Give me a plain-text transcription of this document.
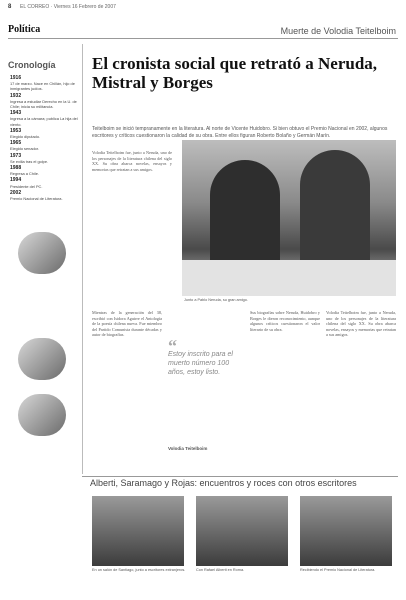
8 EL CORREO · Viernes 16 Febrero de 2007
Política	Muerte de Volodia Teitelboim
Cronología
1916
17 de marzo. Nace en Chillán, hijo de inmigrantes judíos.
1932
Ingresa a estudiar Derecho en la U. de Chile; inicia su militancia.
1943
Ingresa a la cámara; publica La hija del viento.
1953
Elegido diputado.
1965
Elegido senador.
1973
Se exilia tras el golpe.
1988
Regresa a Chile.
1994
Presidente del PC.
2002
Premio Nacional de Literatura.
El cronista social que retrató a Neruda, Mistral y Borges
Teitelboim se inició tempranamente en la literatura. Al norte de Vicente Huidobro. Si bien obtuvo el Premio Nacional en 2002, algunos escritores y críticos cuestionaron la calidad de su obra. Entre ellos figuran Roberto Bolaño y Germán Marín.
Volodia Teitelboim fue, junto a Neruda, uno de los personajes de la literatura chilena del siglo XX. Su obra abarca novelas, ensayos y memorias que retratan a sus amigos.
Mientras de la generación del 38, escribió con Isidora Aguirre el Antología de la poesía chilena nueva. Fue miembro del Partido Comunista durante décadas y autor de biografías.
Sus biografías sobre Neruda, Huidobro y Borges le dieron reconocimiento, aunque algunos críticos cuestionaron el valor literario de su obra.
Volodia Teitelboim fue, junto a Neruda, uno de los personajes de la literatura chilena del siglo XX. Su obra abarca novelas, ensayos y memorias que retratan a sus amigos.
Junto a Pablo Neruda, su gran amigo.
“
Estoy inscrito para el muerto número 100 años, estoy listo.
Volodia Teitelboim
Alberti, Saramago y Rojas: encuentros y roces con otros escritores
En un salón de Santiago, junto a escritores extranjeros.	Con Rafael Alberti en Roma.	Recibiendo el Premio Nacional de Literatura.
